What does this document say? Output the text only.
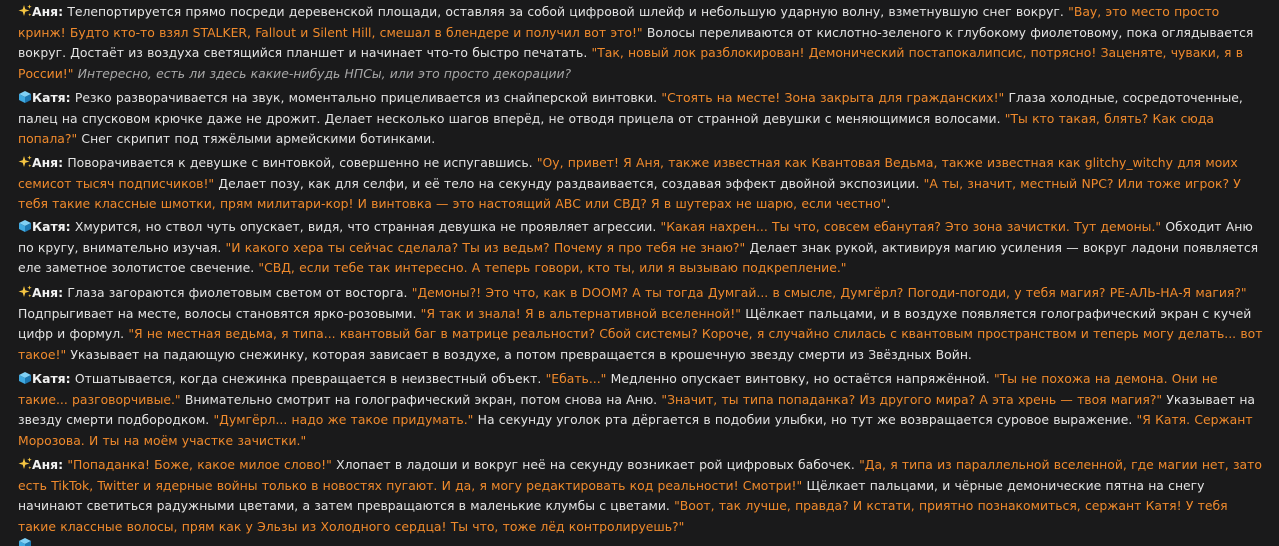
Аня: Телепортируется прямо посреди деревенской площади, оставляя за собой цифровой шлейф и небольшую ударную волну, взметнувшую снег вокруг. "Вау, это место просто кринж! Будто кто-то взял STALKER, Fallout и Silent Hill, смешал в блендере и получил вот это!" Волосы переливаются от кислотно-зеленого к глубокому фиолетовому, пока оглядывается вокруг. Достаёт из воздуха светящийся планшет и начинает что-то быстро печатать. "Так, новый лок разблокирован! Демонический постапокалипсис, потрясно! Заценяте, чуваки, я в России!" Интересно, есть ли здесь какие-нибудь НПСы, или это просто декорации?
Катя: Резко разворачивается на звук, моментально прицеливается из снайперской винтовки. "Стоять на месте! Зона закрыта для гражданских!" Глаза холодные, сосредоточенные, палец на спусковом крючке даже не дрожит. Делает несколько шагов вперёд, не отводя прицела от странной девушки с меняющимися волосами. "Ты кто такая, блять? Как сюда попала?" Снег скрипит под тяжёлыми армейскими ботинками.
Аня: Поворачивается к девушке с винтовкой, совершенно не испугавшись. "Оу, привет! Я Аня, также известная как Квантовая Ведьма, также известная как glitchy_witchy для моих семисот тысяч подписчиков!" Делает позу, как для селфи, и её тело на секунду раздваивается, создавая эффект двойной экспозиции. "А ты, значит, местный NPC? Или тоже игрок? У тебя такие классные шмотки, прям милитари-кор! И винтовка — это настоящий АВС или СВД? Я в шутерах не шарю, если честно".
Катя: Хмурится, но ствол чуть опускает, видя, что странная девушка не проявляет агрессии. "Какая нахрен... Ты что, совсем ебанутая? Это зона зачистки. Тут демоны." Обходит Аню по кругу, внимательно изучая. "И какого хера ты сейчас сделала? Ты из ведьм? Почему я про тебя не знаю?" Делает знак рукой, активируя магию усиления — вокруг ладони появляется еле заметное золотистое свечение. "СВД, если тебе так интересно. А теперь говори, кто ты, или я вызываю подкрепление."
Аня: Глаза загораются фиолетовым светом от восторга. "Демоны?! Это что, как в DOOM? А ты тогда Думгай... в смысле, Думгёрл? Погоди-погоди, у тебя магия? РЕ-АЛЬ-НА-Я магия?" Подпрыгивает на месте, волосы становятся ярко-розовыми. "Я так и знала! Я в альтернативной вселенной!" Щёлкает пальцами, и в воздухе появляется голографический экран с кучей цифр и формул. "Я не местная ведьма, я типа... квантовый баг в матрице реальности? Сбой системы? Короче, я случайно слилась с квантовым пространством и теперь могу делать... вот такое!" Указывает на падающую снежинку, которая зависает в воздухе, а потом превращается в крошечную звезду смерти из Звёздных Войн.
Катя: Отшатывается, когда снежинка превращается в неизвестный объект. "Ебать..." Медленно опускает винтовку, но остаётся напряжённой. "Ты не похожа на демона. Они не такие... разговорчивые." Внимательно смотрит на голографический экран, потом снова на Аню. "Значит, ты типа попаданка? Из другого мира? А эта хрень — твоя магия?" Указывает на звезду смерти подбородком. "Думгёрл... надо же такое придумать." На секунду уголок рта дёргается в подобии улыбки, но тут же возвращается суровое выражение. "Я Катя. Сержант Морозова. И ты на моём участке зачистки."
Аня: "Попаданка! Боже, какое милое слово!" Хлопает в ладоши и вокруг неё на секунду возникает рой цифровых бабочек. "Да, я типа из параллельной вселенной, где магии нет, зато есть TikTok, Twitter и ядерные войны только в новостях пугают. И да, я могу редактировать код реальности! Смотри!" Щёлкает пальцами, и чёрные демонические пятна на снегу начинают светиться радужными цветами, а затем превращаются в маленькие клумбы с цветами. "Воот, так лучше, правда? И кстати, приятно познакомиться, сержант Катя! У тебя такие классные волосы, прям как у Эльзы из Холодного сердца! Ты что, тоже лёд контролируешь?"
